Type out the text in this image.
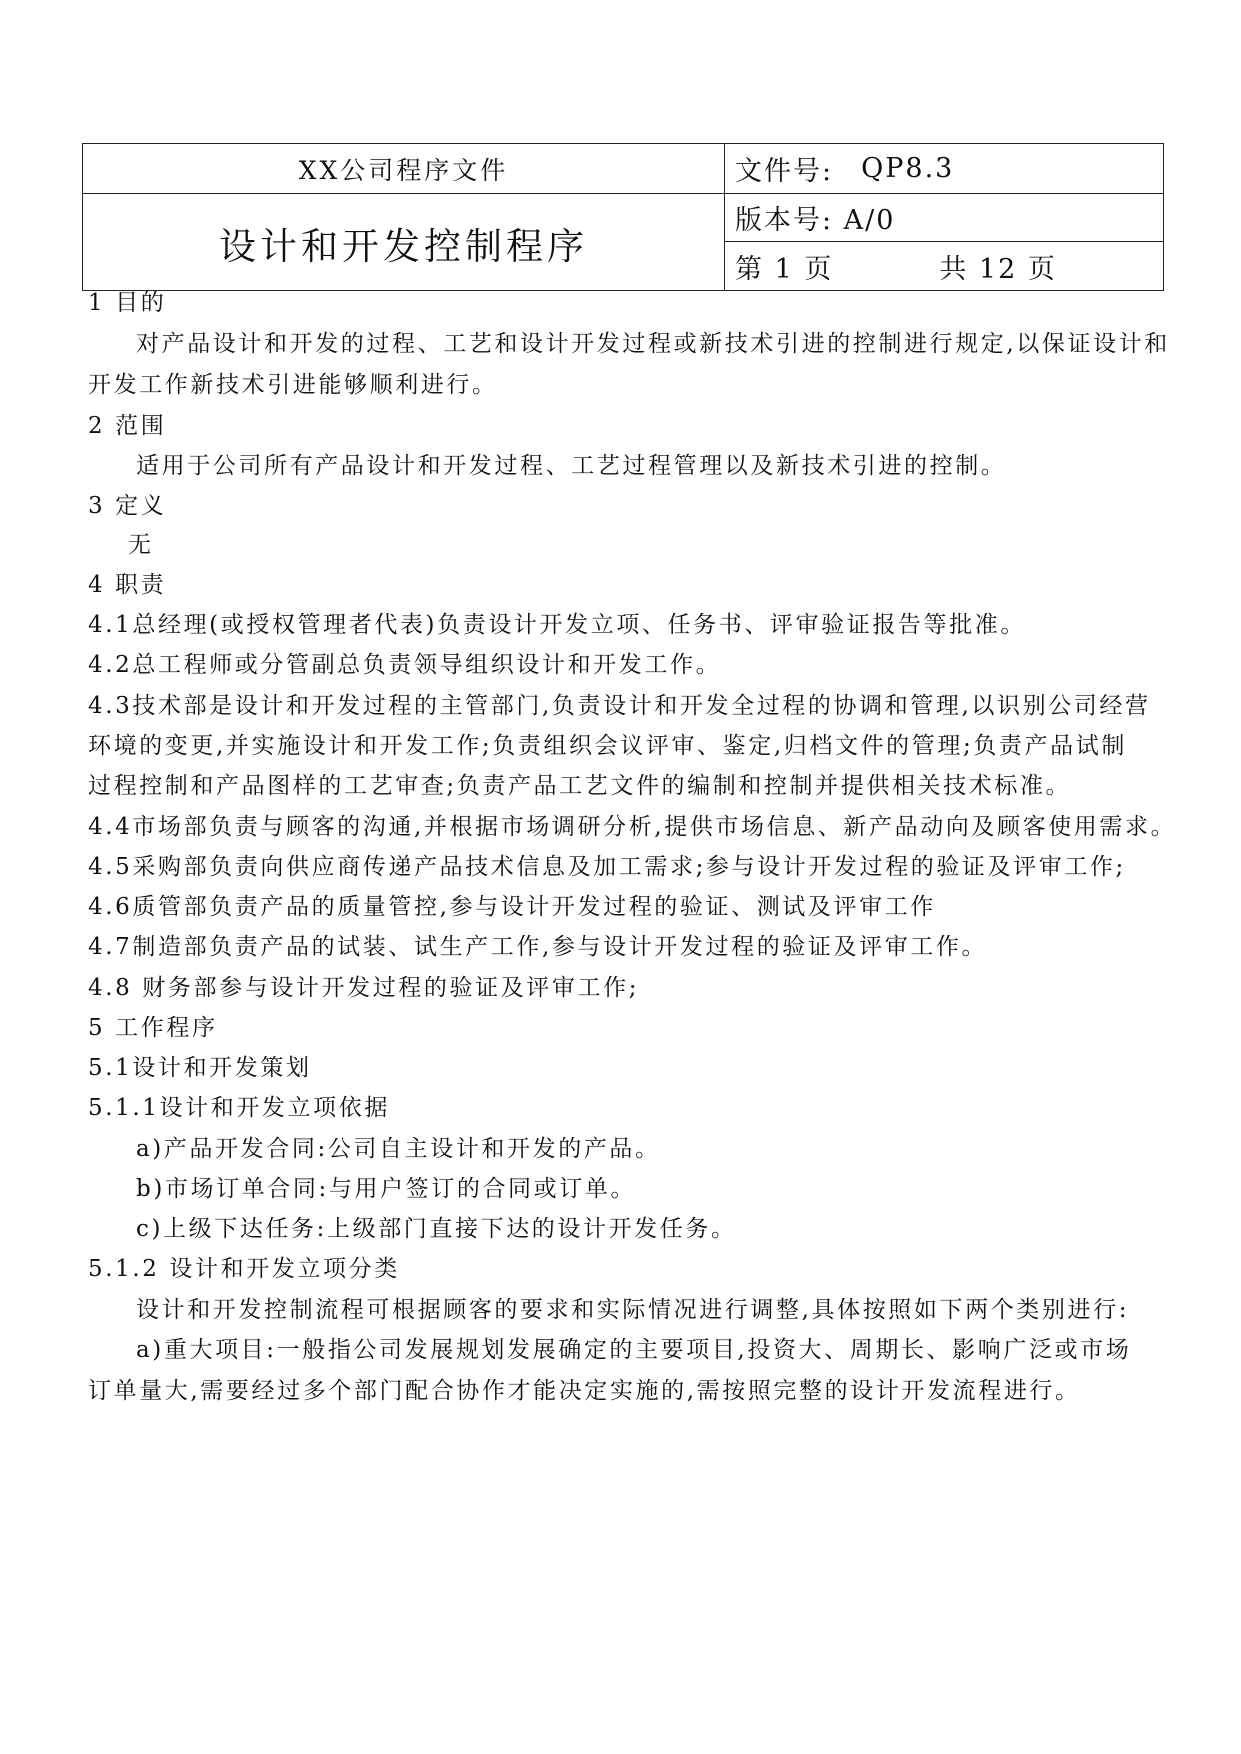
XX公司程序文件
设计和开发控制程序
文件号: QP8.3
版本号: A/0
第 1 页	共 12 页
1 目的
对产品设计和开发的过程、工艺和设计开发过程或新技术引进的控制进行规定,以保证设计和
开发工作新技术引进能够顺利进行。
2 范围
适用于公司所有产品设计和开发过程、工艺过程管理以及新技术引进的控制。
3 定义
无
4 职责
4.1总经理(或授权管理者代表)负责设计开发立项、任务书、评审验证报告等批准。
4.2总工程师或分管副总负责领导组织设计和开发工作。
4.3技术部是设计和开发过程的主管部门,负责设计和开发全过程的协调和管理,以识别公司经营
环境的变更,并实施设计和开发工作;负责组织会议评审、鉴定,归档文件的管理;负责产品试制
过程控制和产品图样的工艺审查;负责产品工艺文件的编制和控制并提供相关技术标准。
4.4市场部负责与顾客的沟通,并根据市场调研分析,提供市场信息、新产品动向及顾客使用需求。
4.5采购部负责向供应商传递产品技术信息及加工需求;参与设计开发过程的验证及评审工作;
4.6质管部负责产品的质量管控,参与设计开发过程的验证、测试及评审工作
4.7制造部负责产品的试装、试生产工作,参与设计开发过程的验证及评审工作。
4.8 财务部参与设计开发过程的验证及评审工作;
5 工作程序
5.1设计和开发策划
5.1.1设计和开发立项依据
a)产品开发合同:公司自主设计和开发的产品。
b)市场订单合同:与用户签订的合同或订单。
c)上级下达任务:上级部门直接下达的设计开发任务。
5.1.2 设计和开发立项分类
设计和开发控制流程可根据顾客的要求和实际情况进行调整,具体按照如下两个类别进行:
a)重大项目:一般指公司发展规划发展确定的主要项目,投资大、周期长、影响广泛或市场
订单量大,需要经过多个部门配合协作才能决定实施的,需按照完整的设计开发流程进行。
